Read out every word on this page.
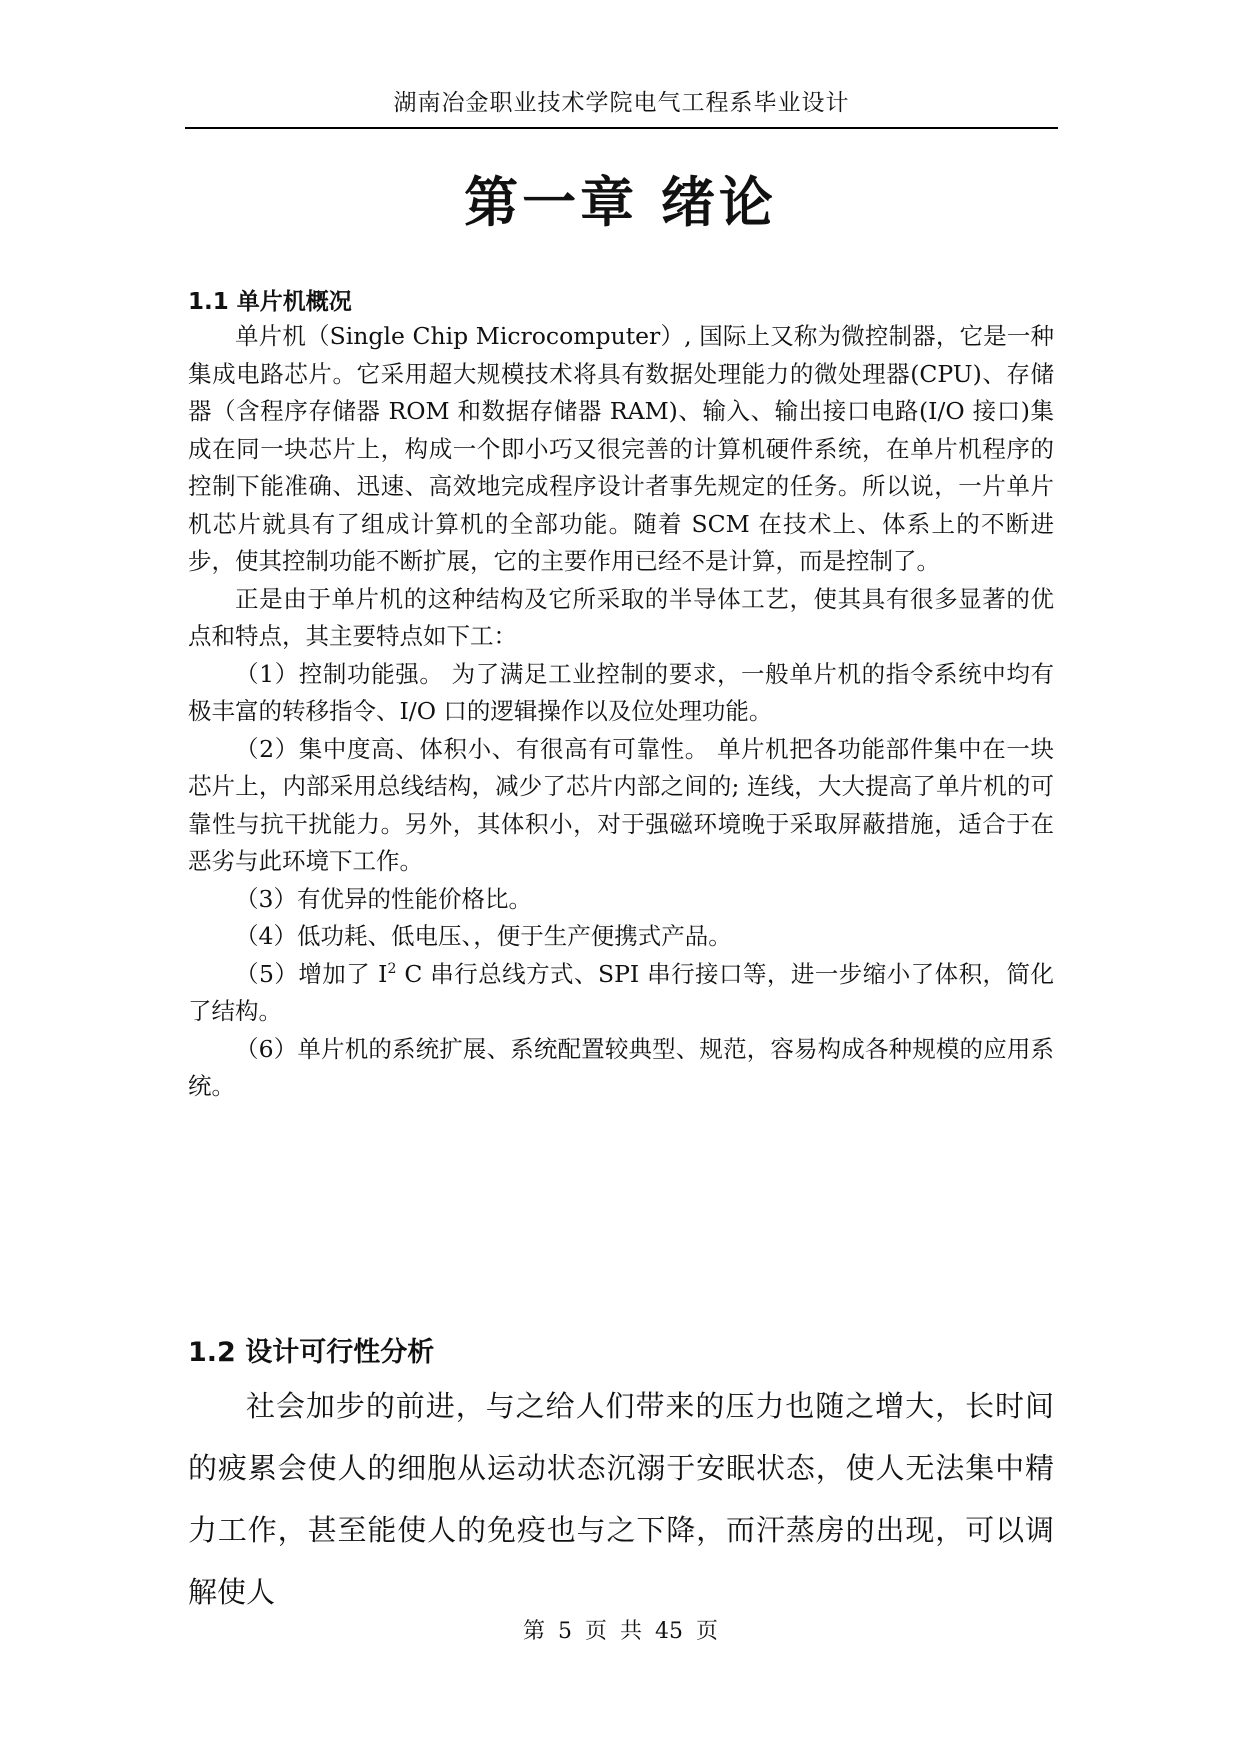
湖南冶金职业技术学院电气工程系毕业设计
第一章 绪论
1.1 单片机概况

单片机（Single Chip Microcomputer）, 国际上又称为微控制器，它是一种集成电路芯片。它采用超大规模技术将具有数据处理能力的微处理器(CPU)、存储器（含程序存储器 ROM 和数据存储器 RAM)、输入、输出接口电路(I/O 接口)集成在同一块芯片上，构成一个即小巧又很完善的计算机硬件系统，在单片机程序的控制下能准确、迅速、高效地完成程序设计者事先规定的任务。所以说，一片单片机芯片就具有了组成计算机的全部功能。随着 SCM 在技术上、体系上的不断进步，使其控制功能不断扩展，它的主要作用已经不是计算，而是控制了。

正是由于单片机的这种结构及它所采取的半导体工艺，使其具有很多显著的优点和特点，其主要特点如下工：

（1）控制功能强。 为了满足工业控制的要求，一般单片机的指令系统中均有极丰富的转移指令、I/O 口的逻辑操作以及位处理功能。

（2）集中度高、体积小、有很高有可靠性。 单片机把各功能部件集中在一块芯片上，内部采用总线结构，减少了芯片内部之间的; 连线，大大提高了单片机的可靠性与抗干扰能力。另外，其体积小，对于强磁环境晚于采取屏蔽措施，适合于在恶劣与此环境下工作。

（3）有优异的性能价格比。

（4）低功耗、低电压、，便于生产便携式产品。

（5）增加了 $I^2$ C 串行总线方式、SPI 串行接口等，进一步缩小了体积，简化了结构。

（6）单片机的系统扩展、系统配置较典型、规范，容易构成各种规模的应用系统。

1.2 设计可行性分析

社会加步的前进，与之给人们带来的压力也随之增大，长时间的疲累会使人的细胞从运动状态沉溺于安眠状态，使人无法集中精力工作，甚至能使人的免疫也与之下降，而汗蒸房的出现，可以调解使人

第 5 页 共 45 页
